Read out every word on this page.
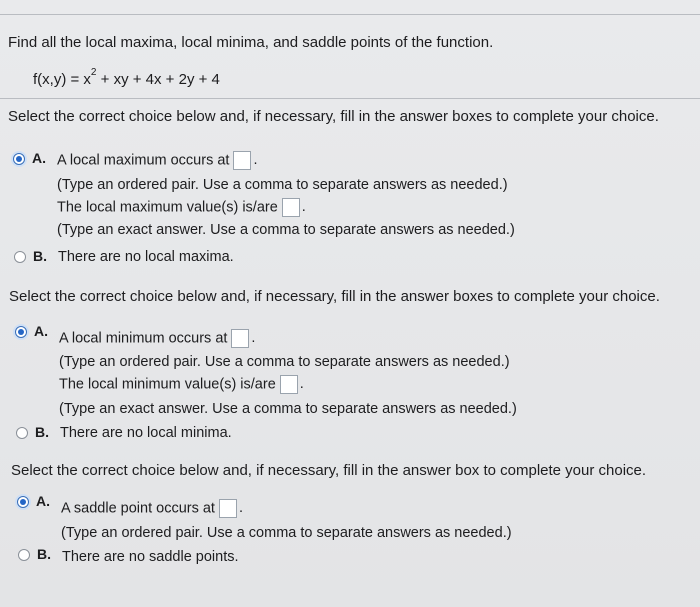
Find all the local maxima, local minima, and saddle points of the function.
$f(x,y) = x^2$ + xy + 4x + 2y + 4
Select the correct choice below and, if necessary, fill in the answer boxes to complete your choice.
A. A local maximum occurs at .
(Type an ordered pair. Use a comma to separate answers as needed.)
The local maximum value(s) is/are .
(Type an exact answer. Use a comma to separate answers as needed.)
B. There are no local maxima.
Select the correct choice below and, if necessary, fill in the answer boxes to complete your choice.
A. A local minimum occurs at .
(Type an ordered pair. Use a comma to separate answers as needed.)
The local minimum value(s) is/are .
(Type an exact answer. Use a comma to separate answers as needed.)
B. There are no local minima.
Select the correct choice below and, if necessary, fill in the answer box to complete your choice.
A. A saddle point occurs at .
(Type an ordered pair. Use a comma to separate answers as needed.)
B. There are no saddle points.
